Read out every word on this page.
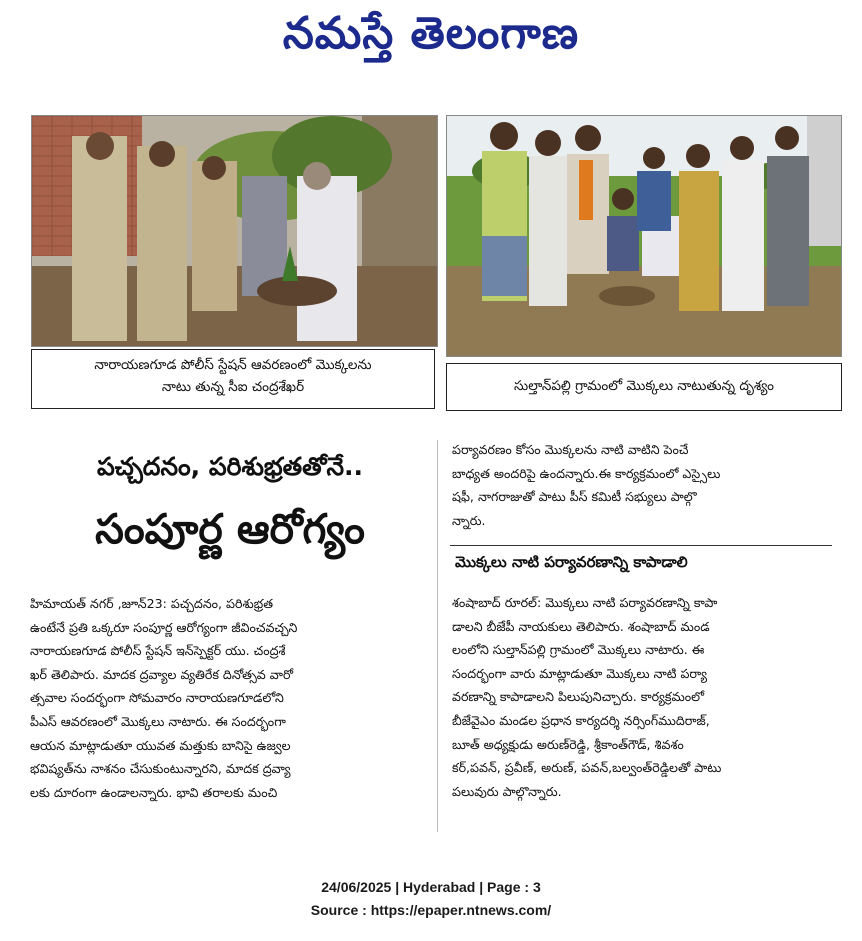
నమస్తే తెలంగాణ
నారాయణగూడ పోలీస్ స్టేషన్ ఆవరణంలో మొక్కలను
నాటు తున్న సీఐ చంద్రశేఖర్	సుల్తాన్‌పల్లి గ్రామంలో మొక్కలు నాటుతున్న దృశ్యం
పచ్చదనం, పరిశుభ్రతతోనే..
సంపూర్ణ ఆరోగ్యం
హిమాయత్ నగర్ ,జూన్23: పచ్చదనం, పరిశుభ్రత
ఉంటేనే ప్రతి ఒక్కరూ సంపూర్ణ ఆరోగ్యంగా జీవించవచ్చని
నారాయణగూడ పోలీస్ స్టేషన్ ఇన్‌స్పెక్టర్ యు. చంద్రశే
ఖర్ తెలిపారు. మాదక ద్రవ్యాల వ్యతిరేక దినోత్సవ వారో
త్సవాల సందర్భంగా సోమవారం నారాయణగూడలోని
పీఎస్ ఆవరణంలో మొక్కలు నాటారు. ఈ సందర్భంగా
ఆయన మాట్లాడుతూ యువత మత్తుకు బానిసై ఉజ్వల
భవిష్యత్‌ను నాశనం చేసుకుంటున్నారని, మాదక ద్రవ్యా
లకు దూరంగా ఉండాలన్నారు. భావి తరాలకు మంచి
పర్యావరణం కోసం మొక్కలను నాటి వాటిని పెంచే
బాధ్యత అందరిపై ఉందన్నారు.ఈ కార్యక్రమంలో ఎస్సైలు
షఫీ, నాగరాజుతో పాటు పీస్ కమిటీ సభ్యులు పాల్గొ
న్నారు.
మొక్కలు నాటి పర్యావరణాన్ని కాపాడాలి
శంషాబాద్ రూరల్: మొక్కలు నాటి పర్యావరణాన్ని కాపా
డాలని బీజేపీ నాయకులు తెలిపారు. శంషాబాద్ మండ
లంలోని సుల్తాన్‌పల్లి గ్రామంలో మొక్కలు నాటారు. ఈ
సందర్భంగా వారు మాట్లాడుతూ మొక్కలు నాటి పర్యా
వరణాన్ని కాపాడాలని పిలుపునిచ్చారు. కార్యక్రమంలో
బీజేవైఎం మండల ప్రధాన కార్యదర్శి నర్సింగ్‌ముదిరాజ్,
బూత్ అధ్యక్షుడు అరుణ్‌రెడ్డి, శ్రీకాంత్‌గౌడ్, శివశం
కర్,పవన్, ప్రవీణ్, అరుణ్, పవన్,బల్వంత్‌రెడ్డిలతో పాటు
పలువురు పాల్గొన్నారు.
24/06/2025 | Hyderabad | Page : 3
Source : https://epaper.ntnews.com/
